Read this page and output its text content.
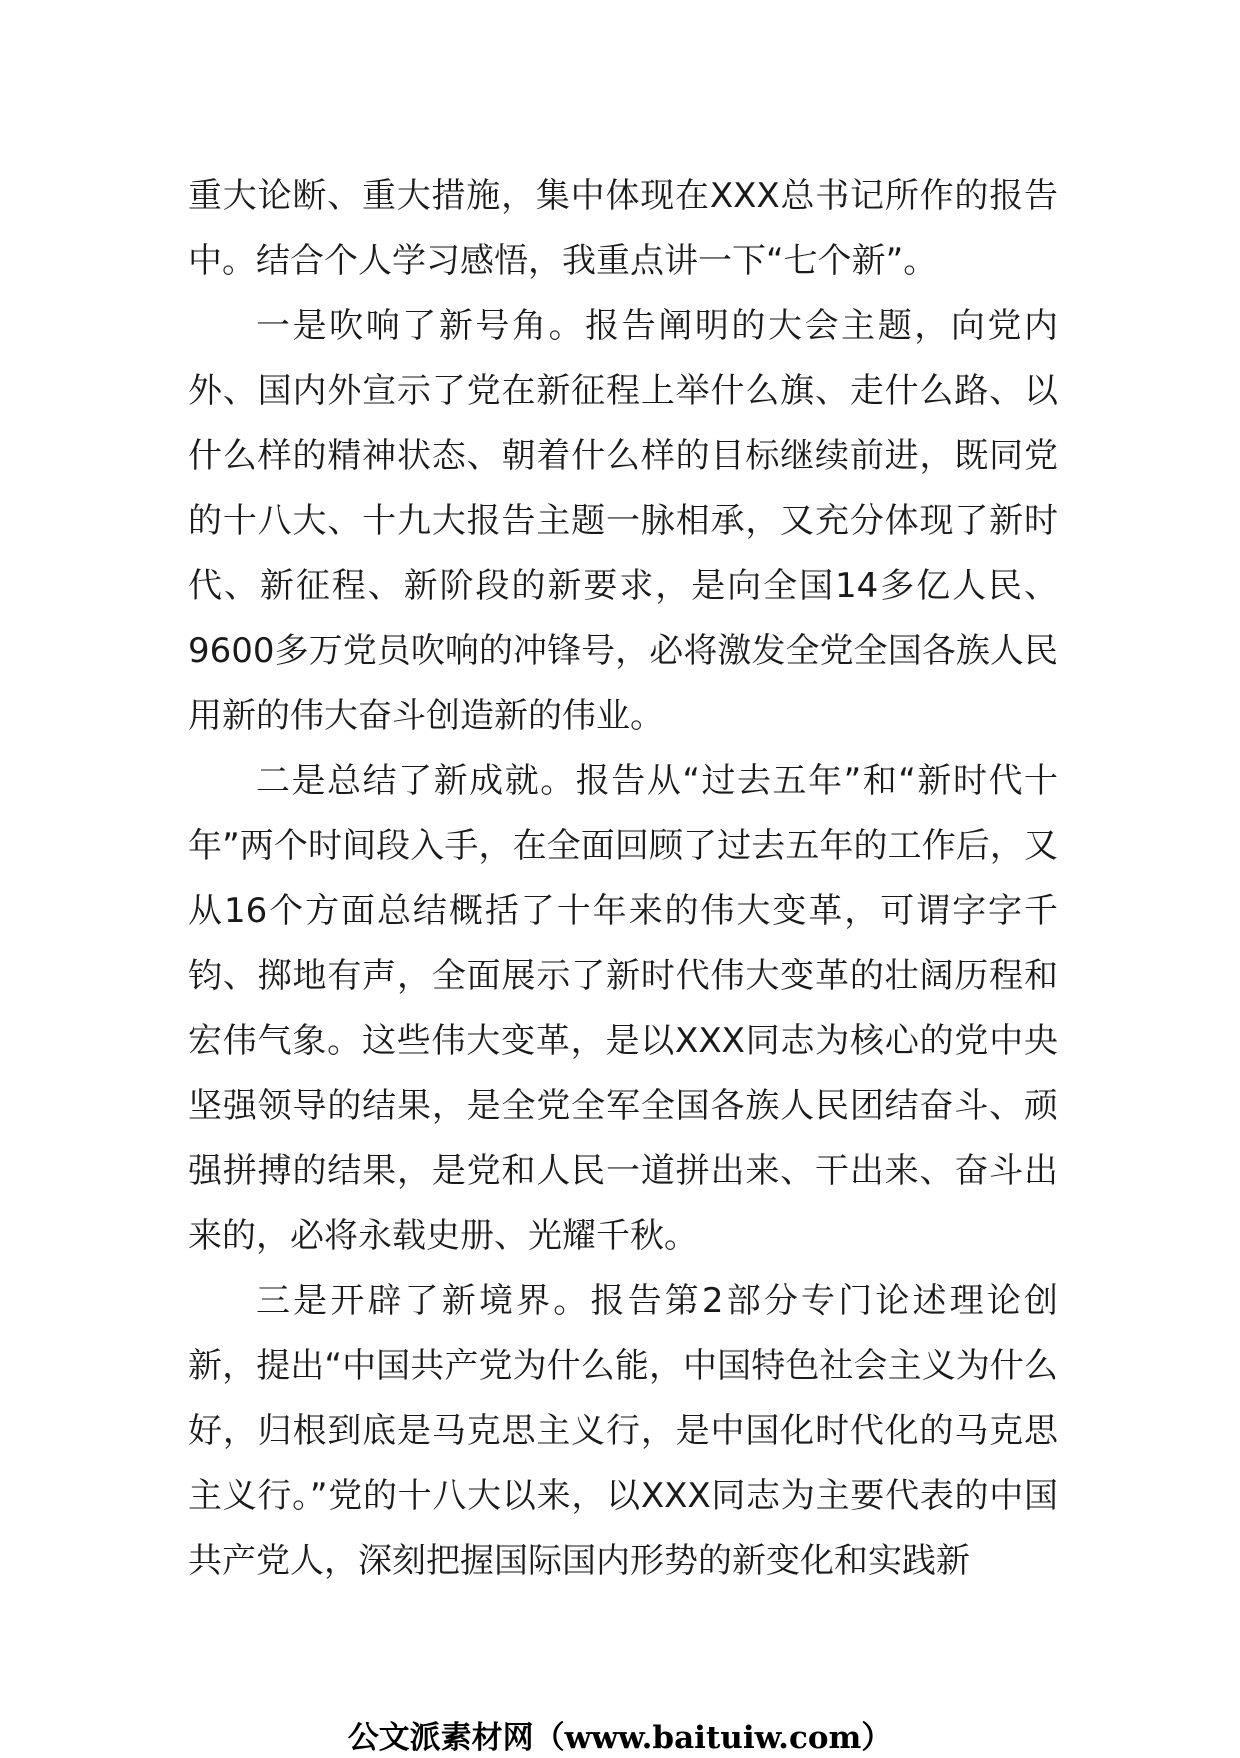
重大论断、重大措施，集中体现在XXX总书记所作的报告中。结合个人学习感悟，我重点讲一下“七个新”。

一是吹响了新号角。报告阐明的大会主题，向党内外、国内外宣示了党在新征程上举什么旗、走什么路、以什么样的精神状态、朝着什么样的目标继续前进，既同党的十八大、十九大报告主题一脉相承，又充分体现了新时代、新征程、新阶段的新要求，是向全国14多亿人民、9600多万党员吹响的冲锋号，必将激发全党全国各族人民用新的伟大奋斗创造新的伟业。

二是总结了新成就。报告从“过去五年”和“新时代十年”两个时间段入手，在全面回顾了过去五年的工作后，又从16个方面总结概括了十年来的伟大变革，可谓字字千钧、掷地有声，全面展示了新时代伟大变革的壮阔历程和宏伟气象。这些伟大变革，是以XXX同志为核心的党中央坚强领导的结果，是全党全军全国各族人民团结奋斗、顽强拼搏的结果，是党和人民一道拼出来、干出来、奋斗出来的，必将永载史册、光耀千秋。

三是开辟了新境界。报告第2部分专门论述理论创新，提出“中国共产党为什么能，中国特色社会主义为什么好，归根到底是马克思主义行，是中国化时代化的马克思主义行。”党的十八大以来，以XXX同志为主要代表的中国共产党人，深刻把握国际国内形势的新变化和实践新

公文派素材网（www.baituiw.com）
